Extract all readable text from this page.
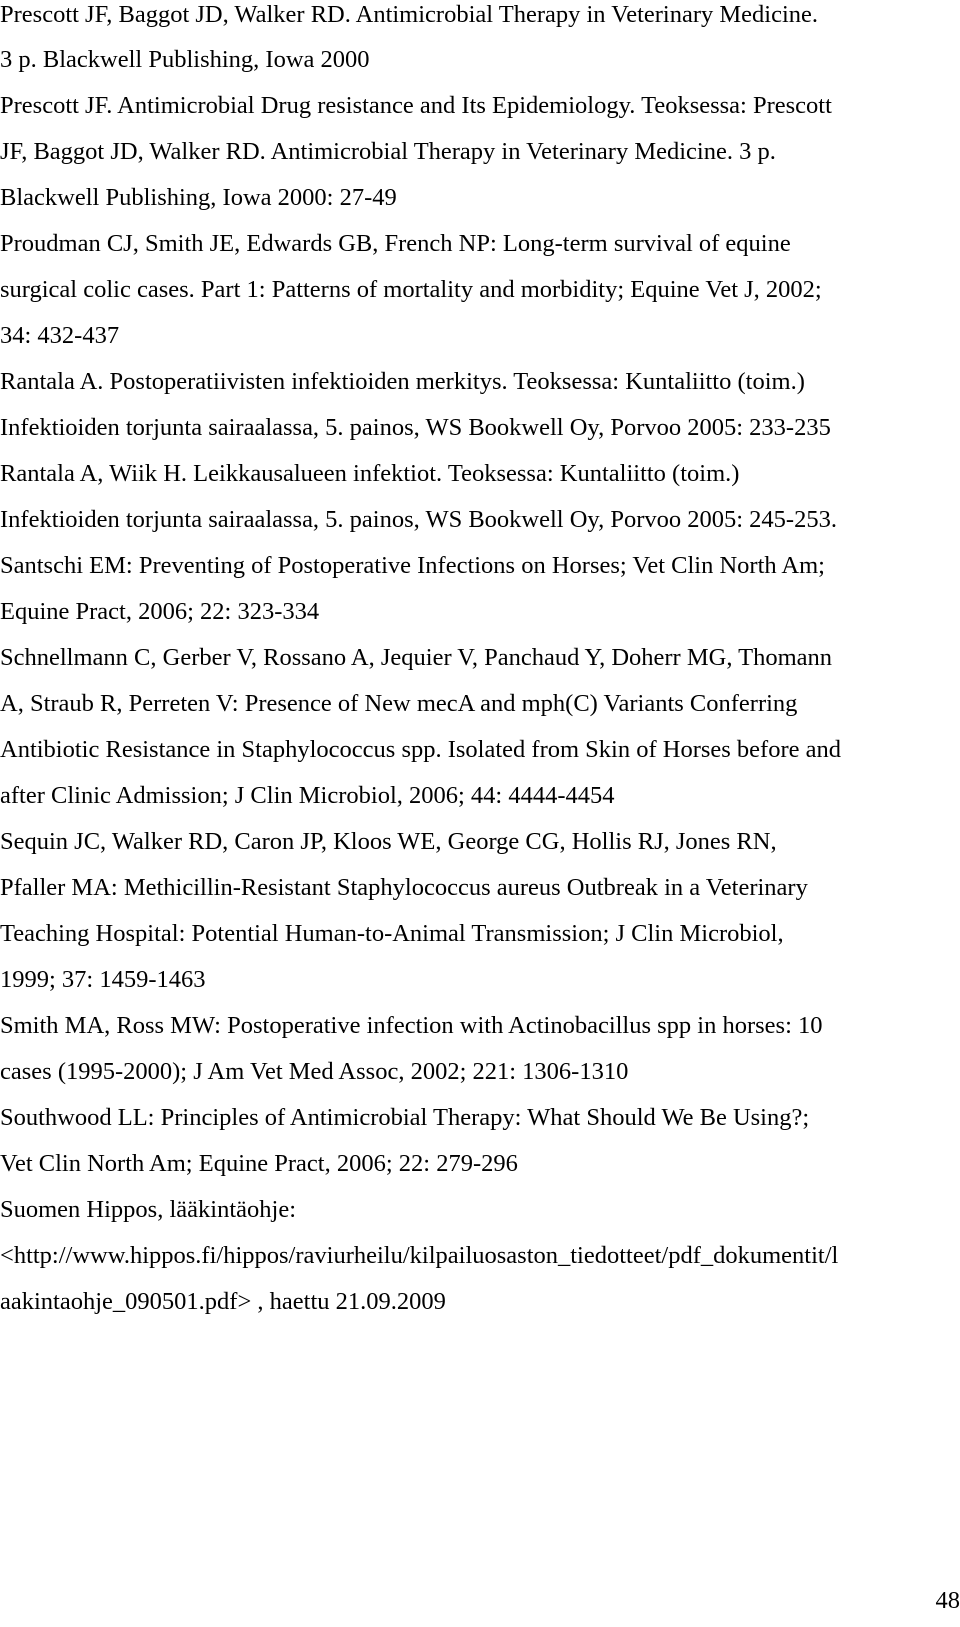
Prescott JF, Baggot JD, Walker RD. Antimicrobial Therapy in Veterinary Medicine.
3 p. Blackwell Publishing, Iowa 2000
Prescott JF. Antimicrobial Drug resistance and Its Epidemiology. Teoksessa: Prescott
JF, Baggot JD, Walker RD. Antimicrobial Therapy in Veterinary Medicine. 3 p.
Blackwell Publishing, Iowa 2000: 27-49
Proudman CJ, Smith JE, Edwards GB, French NP: Long-term survival of equine
surgical colic cases. Part 1: Patterns of mortality and morbidity; Equine Vet J, 2002;
34: 432-437
Rantala A. Postoperatiivisten infektioiden merkitys. Teoksessa: Kuntaliitto (toim.)
Infektioiden torjunta sairaalassa, 5. painos, WS Bookwell Oy, Porvoo 2005: 233-235
Rantala A, Wiik H. Leikkausalueen infektiot. Teoksessa: Kuntaliitto (toim.)
Infektioiden torjunta sairaalassa, 5. painos, WS Bookwell Oy, Porvoo 2005: 245-253.
Santschi EM: Preventing of Postoperative Infections on Horses; Vet Clin North Am;
Equine Pract, 2006; 22: 323-334
Schnellmann C, Gerber V, Rossano A, Jequier V, Panchaud Y, Doherr MG, Thomann
A, Straub R, Perreten V: Presence of New mecA and mph(C) Variants Conferring
Antibiotic Resistance in Staphylococcus spp. Isolated from Skin of Horses before and
after Clinic Admission; J Clin Microbiol, 2006; 44: 4444-4454
Sequin JC, Walker RD, Caron JP, Kloos WE, George CG, Hollis RJ, Jones RN,
Pfaller MA: Methicillin-Resistant Staphylococcus aureus Outbreak in a Veterinary
Teaching Hospital: Potential Human-to-Animal Transmission; J Clin Microbiol,
1999; 37: 1459-1463
Smith MA, Ross MW: Postoperative infection with Actinobacillus spp in horses: 10
cases (1995-2000); J Am Vet Med Assoc, 2002; 221: 1306-1310
Southwood LL: Principles of Antimicrobial Therapy: What Should We Be Using?;
Vet Clin North Am; Equine Pract, 2006; 22: 279-296
Suomen Hippos, lääkintäohje:
<http://www.hippos.fi/hippos/raviurheilu/kilpailuosaston_tiedotteet/pdf_dokumentit/l
aakintaohje_090501.pdf> , haettu 21.09.2009
48
